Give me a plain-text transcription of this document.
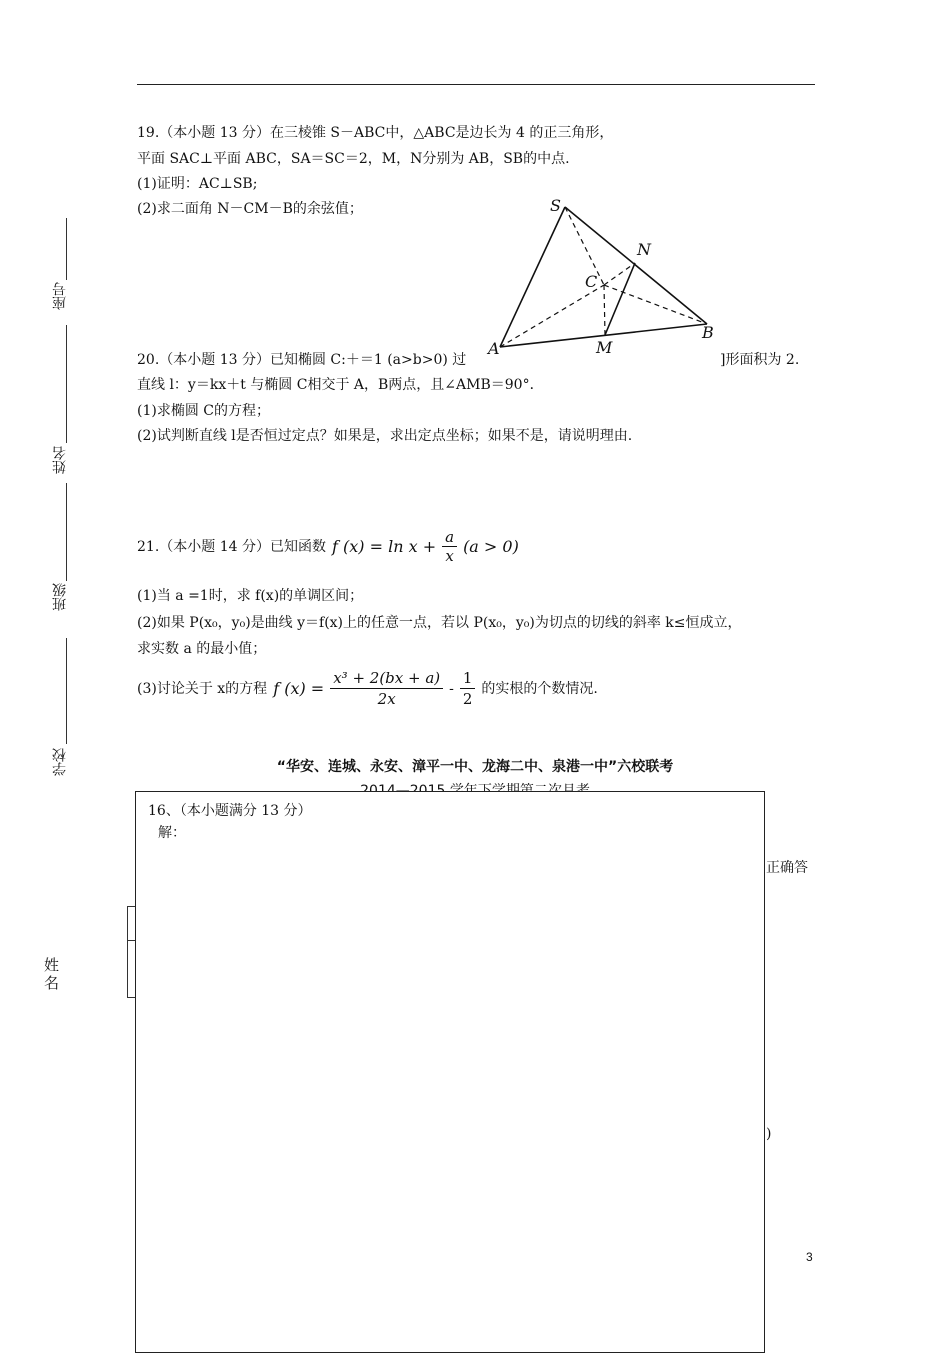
座号
姓名
班级
学校
19.（本小题 13 分）在三棱锥 S－ABC中，△ABC是边长为 4 的正三角形，
平面 SAC⊥平面 ABC，SA＝SC＝2，M，N分别为 AB，SB的中点.
(1)证明：AC⊥SB;
(2)求二面角 N－CM－B的余弦值；	S
N
C
A	M
B
20.（本小题 13 分）已知椭圆 C:＋＝1 (a>b>0) 过	]形面积为 2.
直线 l：y＝kx＋t 与椭圆 C相交于 A，B两点，且∠AMB＝90°．
(1)求椭圆 C的方程；
(2)试判断直线 l是否恒过定点？如果是，求出定点坐标；如果不是，请说明理由.
21.（本小题 14 分）已知函数 f $(x) = \ln x + \frac{a}{x} (a > 0)$
(1)当 a =1时，求 f(x)的单调区间；
(2)如果 P(x₀，y₀)是曲线 y＝f(x)上的任意一点，若以 P(x₀，y₀)为切点的切线的斜率 k≤恒成立，
求实数 a 的最小值；
(3)讨论关于 x的方程 f $(x) = \frac{\text{x³ + 2(bx + a)}}{2x} - \frac{1}{2}$ 的实根的个数情况.
“华安、连城、永安、漳平一中、龙海二中、泉港一中”六校联考
正确答
)
姓名
16、（本小题满分 13 分）
解：
3
